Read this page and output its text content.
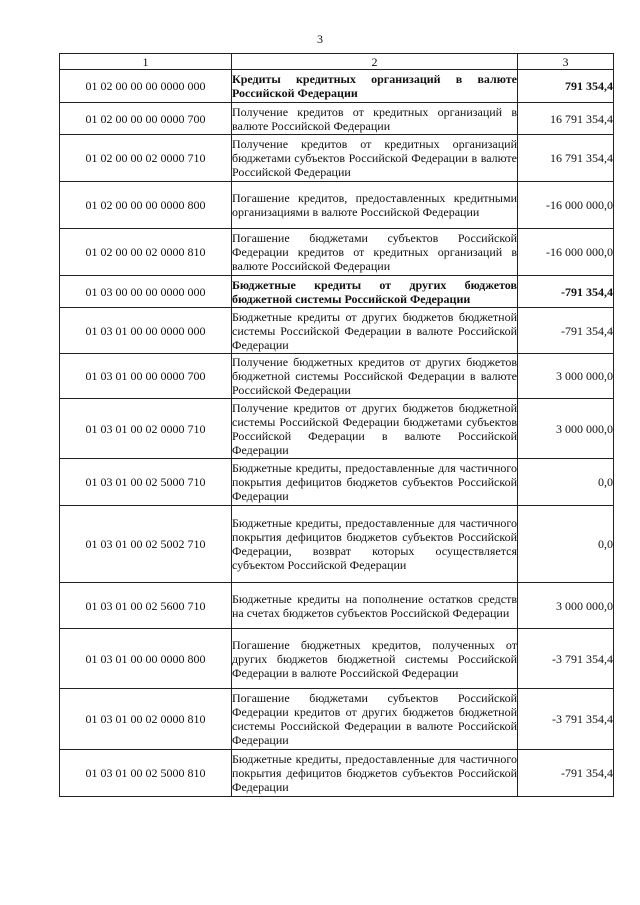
3
1	2	3
01 02 00 00 00 0000 000	Кредиты кредитных организаций в валюте Российской Федерации	791 354,4
01 02 00 00 00 0000 700	Получение кредитов от кредитных организаций в валюте Российской Федерации	16 791 354,4
01 02 00 00 02 0000 710	Получение кредитов от кредитных организаций бюджетами субъектов Российской Федерации в валюте Российской Федерации	16 791 354,4
01 02 00 00 00 0000 800	Погашение кредитов, предоставленных кредитными организациями в валюте Российской Федерации	-16 000 000,0
01 02 00 00 02 0000 810	Погашение бюджетами субъектов Российской Федерации кредитов от кредитных организаций в валюте Российской Федерации	-16 000 000,0
01 03 00 00 00 0000 000	Бюджетные кредиты от других бюджетов бюджетной системы Российской Федерации	-791 354,4
01 03 01 00 00 0000 000	Бюджетные кредиты от других бюджетов бюджетной системы Российской Федерации в валюте Российской Федерации	-791 354,4
01 03 01 00 00 0000 700	Получение бюджетных кредитов от других бюджетов бюджетной системы Российской Федерации в валюте Российской Федерации	3 000 000,0
01 03 01 00 02 0000 710	Получение кредитов от других бюджетов бюджетной системы Российской Федерации бюджетами субъектов Российской Федерации в валюте Российской Федерации	3 000 000,0
01 03 01 00 02 5000 710	Бюджетные кредиты, предоставленные для частичного покрытия дефицитов бюджетов субъектов Российской Федерации	0,0
01 03 01 00 02 5002 710	Бюджетные кредиты, предоставленные для частичного покрытия дефицитов бюджетов субъектов Российской Федерации, возврат которых осуществляется субъектом Российской Федерации	0,0
01 03 01 00 02 5600 710	Бюджетные кредиты на пополнение остатков средств на счетах бюджетов субъектов Российской Федерации	3 000 000,0
01 03 01 00 00 0000 800	Погашение бюджетных кредитов, полученных от других бюджетов бюджетной системы Российской Федерации в валюте Российской Федерации	-3 791 354,4
01 03 01 00 02 0000 810	Погашение бюджетами субъектов Российской Федерации кредитов от других бюджетов бюджетной системы Российской Федерации в валюте Российской Федерации	-3 791 354,4
01 03 01 00 02 5000 810	Бюджетные кредиты, предоставленные для частичного покрытия дефицитов бюджетов субъектов Российской Федерации	-791 354,4
